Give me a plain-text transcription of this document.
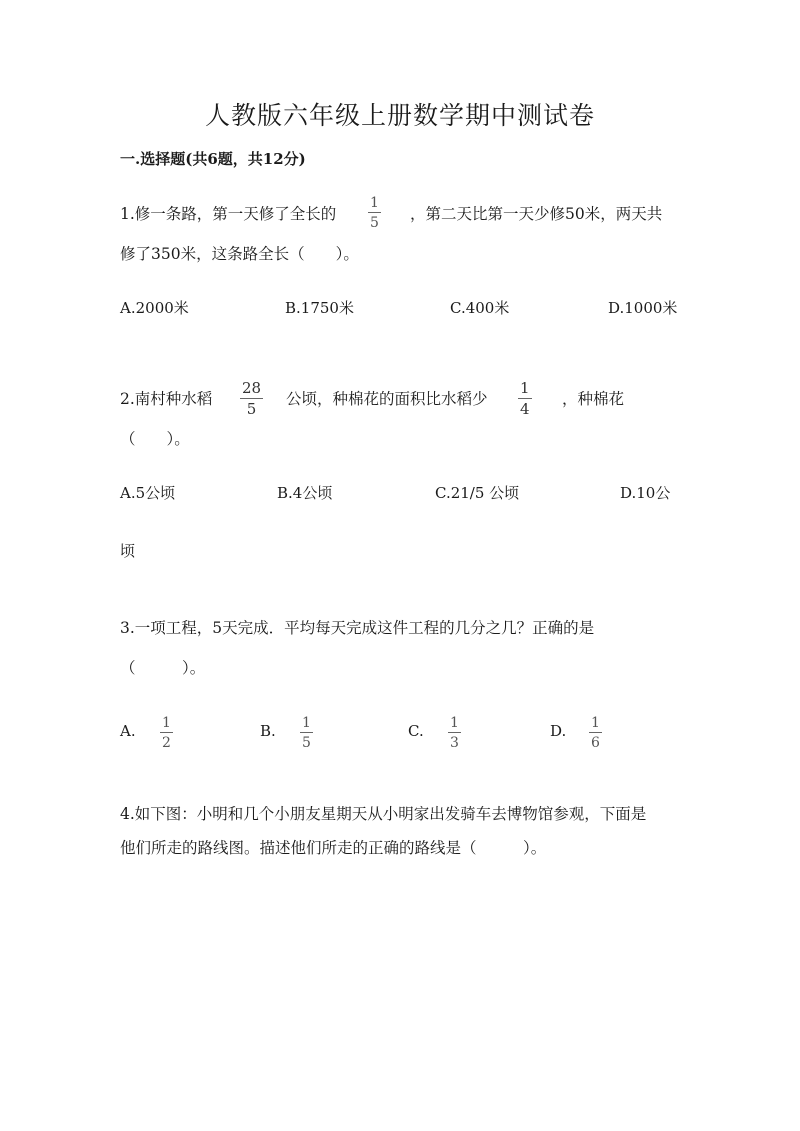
人教版六年级上册数学期中测试卷
一.选择题(共6题，共12分)
1.修一条路，第一天修了全长的
1
5 ，第二天比第一天少修50米，两天共
修了350米，这条路全长（　　）。
A.2000米	B.1750米	C.400米	D.1000米
2.南村种水稻
28
5
公顷，种棉花的面积比水稻少
1
4
，种棉花
（　　）。
A.5公顷	B.4公顷	C.21/5 公顷	D.10公
顷
3.一项工程，5天完成．平均每天完成这件工程的几分之几？正确的是
（　　　）。
A. 1
2
B. 1
5
C. 1
3
D. 1
6
4.如下图：小明和几个小朋友星期天从小明家出发骑车去博物馆参观，下面是
他们所走的路线图。描述他们所走的正确的路线是（　　　）。
